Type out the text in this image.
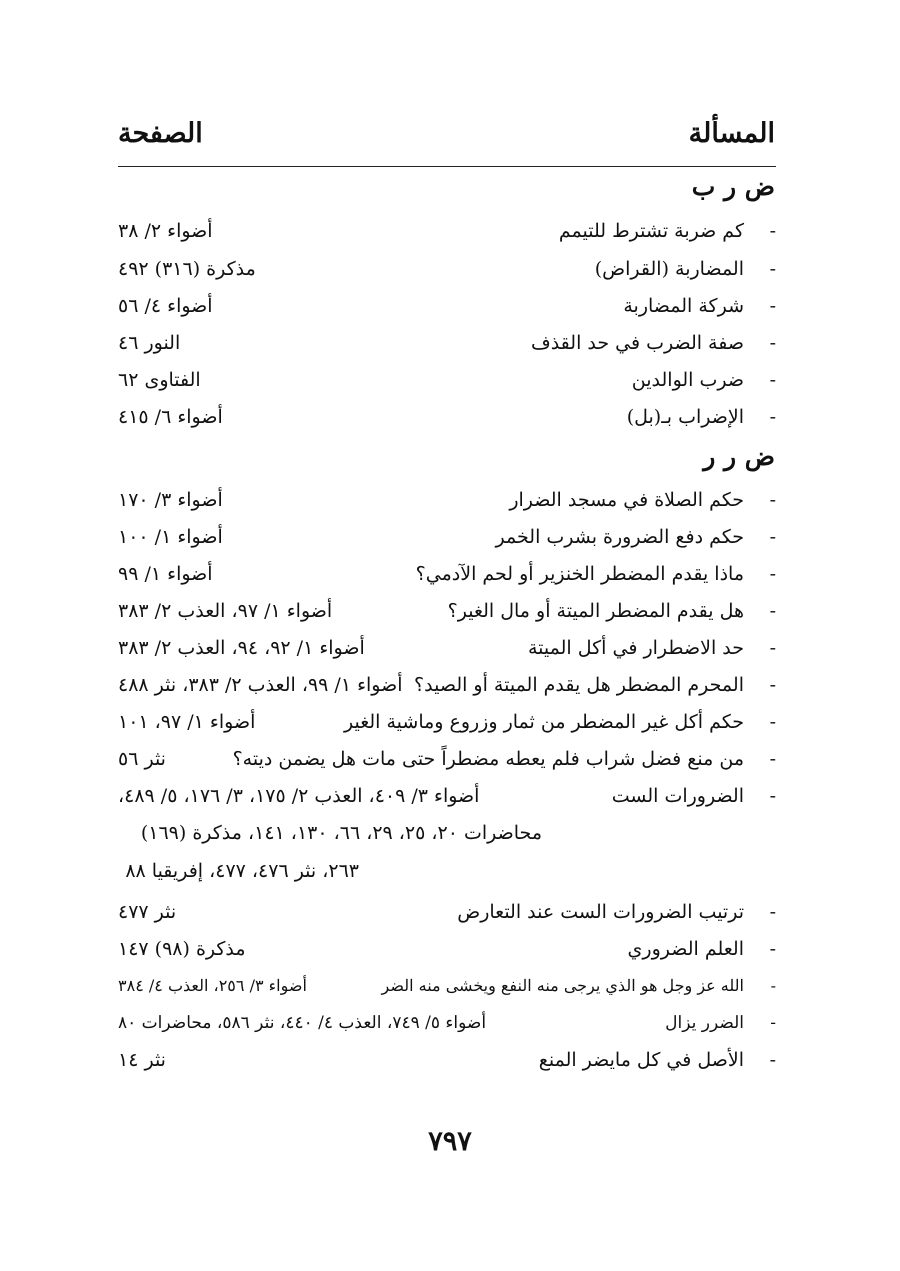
المسألة
الصفحة
ض ر ب
-
كم ضربة تشترط للتيمم
أضواء ٢/ ٣٨
-
المضاربة (القراض)
مذكرة (٣١٦) ٤٩٢
-
شركة المضاربة
أضواء ٤/ ٥٦
-
صفة الضرب في حد القذف
النور ٤٦
-
ضرب الوالدين
الفتاوى ٦٢
-
الإضراب بـ(بل)
أضواء ٦/ ٤١٥
ض ر ر
-
حكم الصلاة في مسجد الضرار
أضواء ٣/ ١٧٠
-
حكم دفع الضرورة بشرب الخمر
أضواء ١/ ١٠٠
-
ماذا يقدم المضطر الخنزير أو لحم الآدمي؟
أضواء ١/ ٩٩
-
هل يقدم المضطر الميتة أو مال الغير؟
أضواء ١/ ٩٧، العذب ٢/ ٣٨٣
-
حد الاضطرار في أكل الميتة
أضواء ١/ ٩٢، ٩٤، العذب ٢/ ٣٨٣
-
المحرم المضطر هل يقدم الميتة أو الصيد؟
أضواء ١/ ٩٩، العذب ٢/ ٣٨٣، نثر ٤٨٨
-
حكم أكل غير المضطر من ثمار وزروع وماشية الغير
أضواء ١/ ٩٧، ١٠١
-
من منع فضل شراب فلم يعطه مضطراً حتى مات هل يضمن ديته؟
نثر ٥٦
-
الضرورات الست
أضواء ٣/ ٤٠٩، العذب ٢/ ١٧٥، ٣/ ١٧٦، ٥/ ٤٨٩،
محاضرات ٢٠، ٢٥، ٢٩، ٦٦، ١٣٠، ١٤١، مذكرة (١٦٩)
٢٦٣، نثر ٤٧٦، ٤٧٧، إفريقيا ٨٨
-
ترتيب الضرورات الست عند التعارض
نثر ٤٧٧
-
العلم الضروري
مذكرة (٩٨) ١٤٧
-
الله عز وجل هو الذي يرجى منه النفع ويخشى منه الضر
أضواء ٣/ ٢٥٦، العذب ٤/ ٣٨٤
-
الضرر يزال
أضواء ٥/ ٧٤٩، العذب ٤/ ٤٤٠، نثر ٥٨٦، محاضرات ٨٠
-
الأصل في كل مايضر المنع
نثر ١٤
٧٩٧
